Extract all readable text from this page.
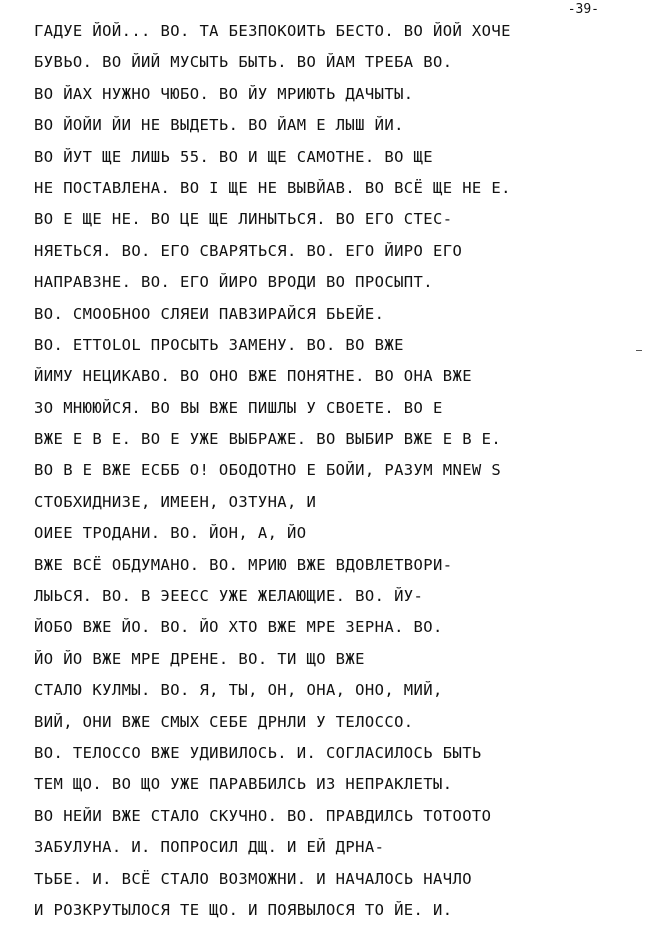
-39-
ГАДУЕ ЙОЙ... ВО. ТА БЕЗПОКОИТЬ БЕСТО. ВО ЙОЙ ХОЧЕ
БУВЬО. ВО ЙИЙ МУСЫТЬ БЫТЬ. ВО ЙАМ ТРЕБА ВО.
ВО ЙАХ НУЖНО ЧЮБО. ВО ЙУ МРИЮТЬ ДАЧЫТЫ.
ВО ЙОЙИ ЙИ НЕ ВЫДЕТЬ. ВО ЙАМ Е ЛЫШ ЙИ.
ВО ЙУТ ЩЕ ЛИШЬ 55. ВО И ЩЕ САМОТНЕ. ВО ЩE
НЕ ПОСТАВЛЕНА. ВО І ЩЕ НЕ ВЫВЙАВ. ВО ВСЁ ЩЕ НЕ Е.
ВО Е ЩЕ НЕ. ВО ЦЕ ЩЕ ЛИНЫТЬСЯ. ВО ЕГО СТЕС-
НЯЕТЬСЯ. ВО. ЕГО СВАРЯТЬСЯ. ВО. ЕГО ЙИРО ЕГО
НАПРАВЗНЕ. ВО. ЕГО ЙИРО ВРОДИ ВО ПРОСЫПТ.
ВО. СМООБНОО СЛЯЕИ ПАВЗИРАЙСЯ БЬЕЙЕ.
ВО. ETTOLOL ПРОСЫТЬ ЗАМЕНУ. ВО. ВО ВЖЕ
ЙИМУ НЕЦИКАВО. ВО ОНО ВЖЕ ПОНЯТНЕ. ВО ОНА ВЖЕ
ЗО МНЮЮЙСЯ. ВО ВЫ ВЖЕ ПИШЛЫ У СВОЕТЕ. ВО Е
ВЖЕ Е В Е. ВО Е УЖЕ ВЫБРАЖЕ. ВО ВЫБИР ВЖЕ Е В Е.
ВО В Е ВЖЕ ЕСББ О! ОБОДОТНО Е БОЙИ, РАЗУМ MNEW S
СТОБХИДНИЗЕ, ИМЕЕН, ОЗТУНА, И
ОИЕЕ ТРОДАНИ. ВО. ЙОН, А, ЙО
ВЖЕ ВСЁ ОБДУМАНО. ВО. МРИЮ ВЖЕ ВДОВЛЕТВОРИ-
ЛЫЬСЯ. ВО. В ЭЕЕСС УЖЕ ЖЕЛАЮЩИЕ. ВО. ЙУ-
ЙОБО ВЖЕ ЙО. ВО. ЙО ХТО ВЖЕ МРЕ ЗЕРНА. ВО.
ЙО ЙО ВЖЕ МРЕ ДРЕНЕ. ВО. ТИ ЩO ВЖЕ
СТАЛО КУЛМЫ. ВО. Я, ТЫ, ОН, ОНА, ОНО, МИЙ,
ВИЙ, ОНИ ВЖЕ СМЫХ СЕБЕ ДРНЛИ У ТЕЛОССО.
ВО. ТЕЛОССО ВЖЕ УДИВИЛОСЬ. И. СОГЛАСИЛОСЬ БЫТЬ
ТЕМ ЩО. ВО ЩО УЖЕ ПАРАВБИЛСЬ ИЗ НЕПРАКЛЕТЫ.
ВО НЕЙИ ВЖЕ СТАЛО СКУЧНО. ВО. ПРАВДИЛСЬ ТОТООТО
ЗАБУЛУНА. И. ПОПРОСИЛ ДЩ. И ЕЙ ДРНА-
ТЬБЕ. И. ВСЁ СТАЛО ВОЗМОЖНИ. И НАЧАЛОСЬ НАЧЛО
И РОЗКРУТЫЛОСЯ ТЕ ЩО. И ПОЯВЫЛОСЯ ТО ЙЕ. И.
